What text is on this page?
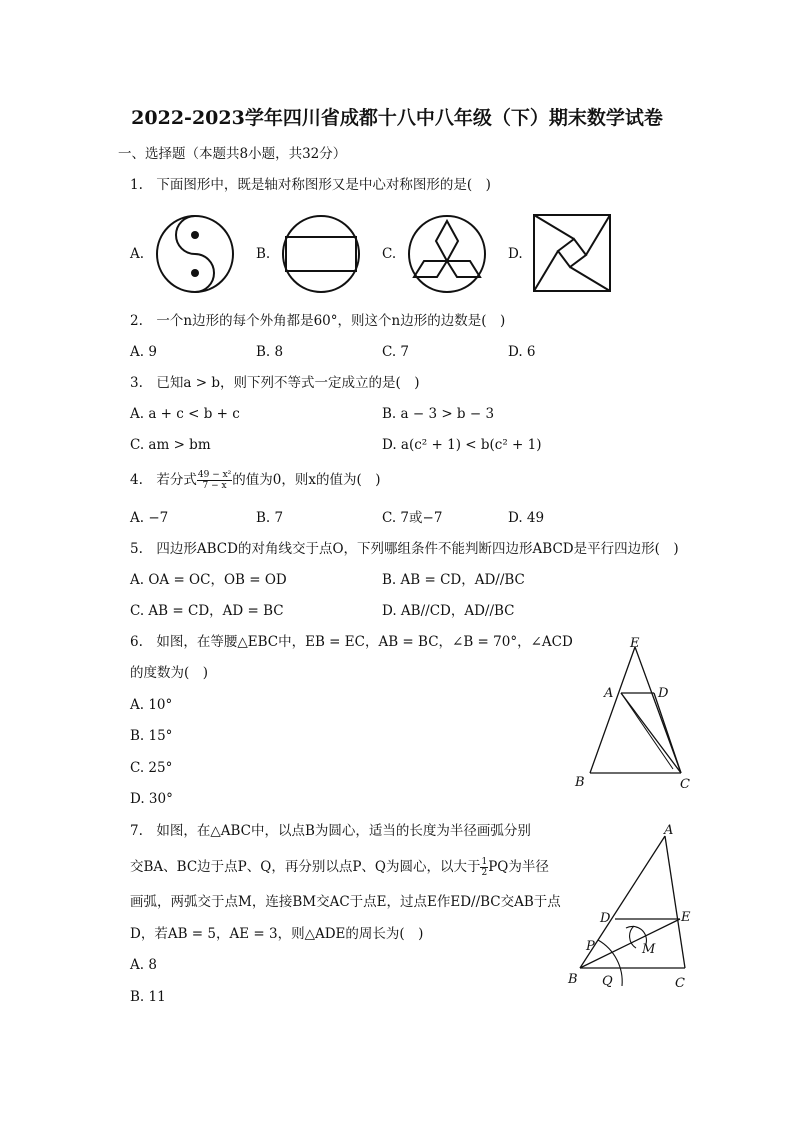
2022-2023学年四川省成都十八中八年级（下）期末数学试卷
一、选择题（本题共8小题，共32分）
1.　下面图形中，既是轴对称图形又是中心对称图形的是(　)
A.	B.	C.	D.
2.　一个n边形的每个外角都是60°，则这个n边形的边数是(　)
A. 9	B. 8	C. 7	D. 6
3.　已知a > b，则下列不等式一定成立的是(　)
A. a + c < b + c	B. a − 3 > b − 3
C. am > bm	D. a(c² + 1) < b(c² + 1)
4.　若分式 $\frac{\text{49 − x²}}{7 - x}$ 的值为0，则x的值为(　)
A. −7	B. 7	C. 7或−7	D. 49
5.　四边形ABCD的对角线交于点O，下列哪组条件不能判断四边形ABCD是平行四边形(　)
A. OA = OC，OB = OD	B. AB = CD，AD//BC
C. AB = CD，AD = BC	D. AB//CD，AD//BC
6.　如图，在等腰△EBC中，EB = EC，AB = BC，∠B = 70°，∠ACD
的度数为(　)
A. 10°
B. 15°
C. 25°
D. 30°
E
A	D
B	C
7.　如图，在△ABC中，以点B为圆心，适当的长度为半径画弧分别
交BA、BC边于点P、Q，再分别以点P、Q为圆心，以大于 $\frac{1}{2}$ PQ为半径
画弧，两弧交于点M，连接BM交AC于点E，过点E作ED//BC交AB于点
D，若AB = 5，AE = 3，则△ADE的周长为(　)
A. 8
B. 11
A
D	E
P	M
B Q	C
